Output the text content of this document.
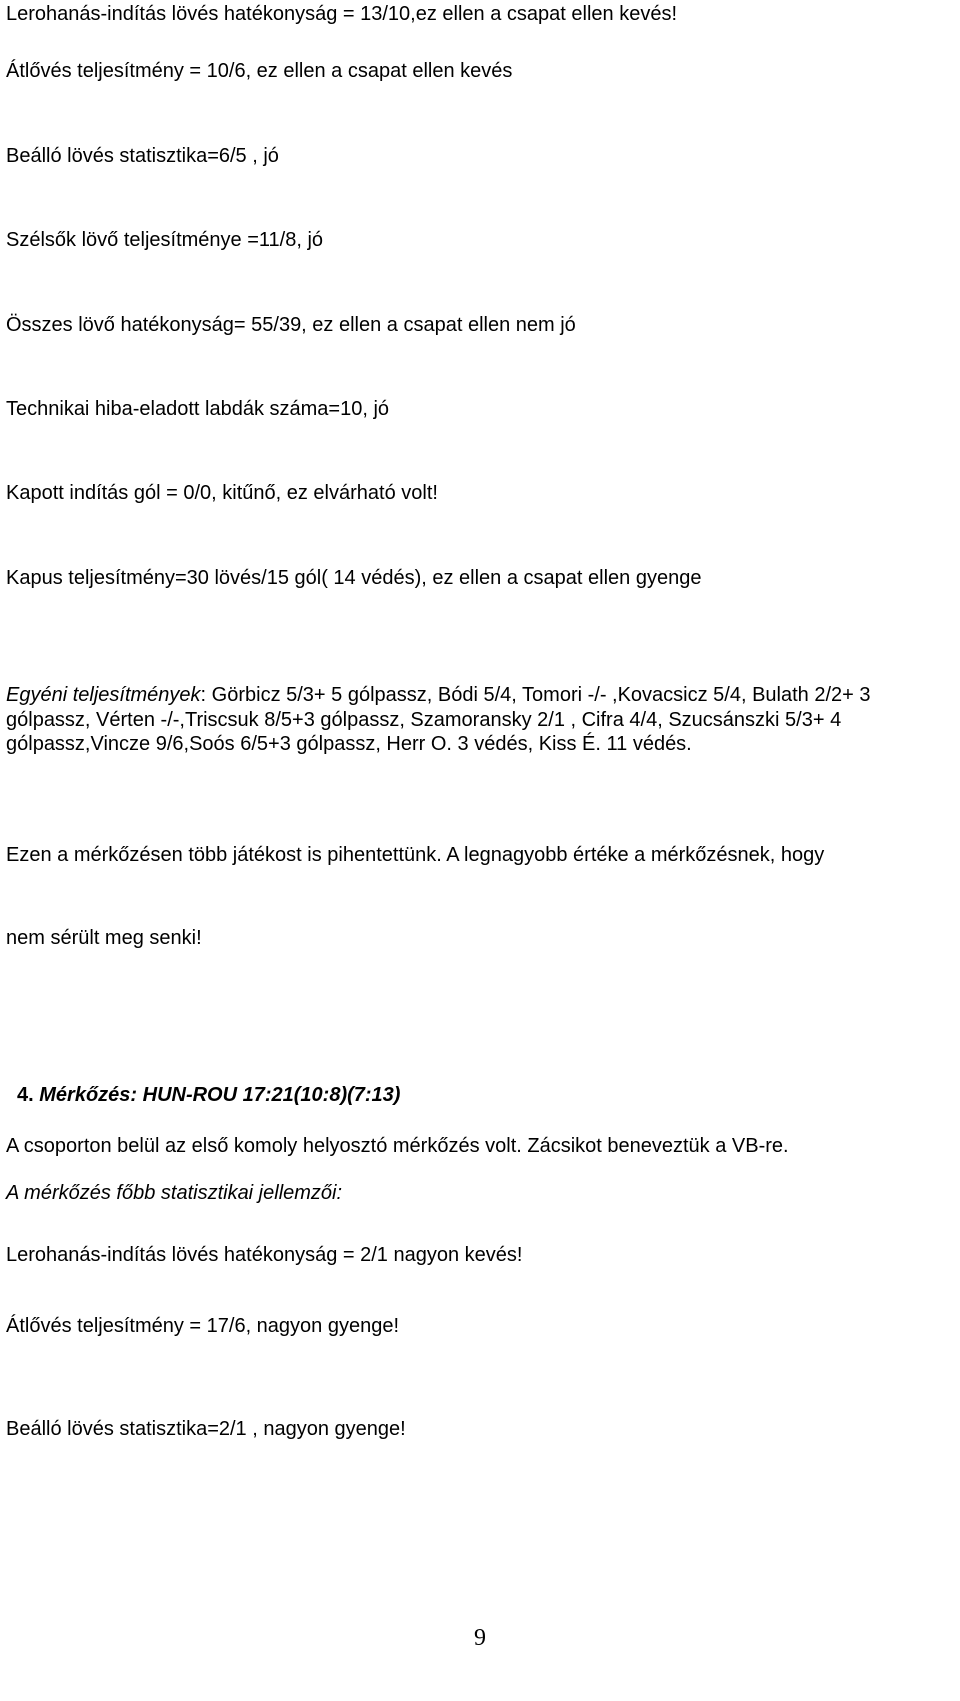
Lerohanás-indítás lövés hatékonyság = 13/10,ez ellen a csapat ellen kevés!
Átlővés teljesítmény = 10/6, ez ellen a csapat ellen kevés
Beálló lövés statisztika=6/5 , jó
Szélsők lövő teljesítménye =11/8, jó
Összes lövő hatékonyság= 55/39, ez ellen a csapat ellen nem jó
Technikai hiba-eladott labdák száma=10, jó
Kapott indítás gól = 0/0, kitűnő, ez elvárható volt!
Kapus teljesítmény=30 lövés/15 gól( 14 védés), ez ellen a csapat ellen gyenge
Egyéni teljesítmények: Görbicz 5/3+ 5 gólpassz, Bódi 5/4, Tomori -/- ,Kovacsicz 5/4, Bulath 2/2+ 3 gólpassz, Vérten -/-,Triscsuk 8/5+3 gólpassz, Szamoransky 2/1 , Cifra 4/4, Szucsánszki 5/3+ 4 gólpassz,Vincze 9/6,Soós 6/5+3 gólpassz, Herr O. 3 védés, Kiss É. 11 védés.
Ezen a mérkőzésen több játékost is pihentettünk. A legnagyobb értéke a mérkőzésnek, hogy
nem sérült meg senki!
4. Mérkőzés: HUN-ROU 17:21(10:8)(7:13)
A csoporton belül az első komoly helyosztó mérkőzés volt. Zácsikot beneveztük a VB-re.
A mérkőzés főbb statisztikai jellemzői:
Lerohanás-indítás lövés hatékonyság = 2/1 nagyon kevés!
Átlővés teljesítmény = 17/6, nagyon gyenge!
Beálló lövés statisztika=2/1 , nagyon gyenge!
9
